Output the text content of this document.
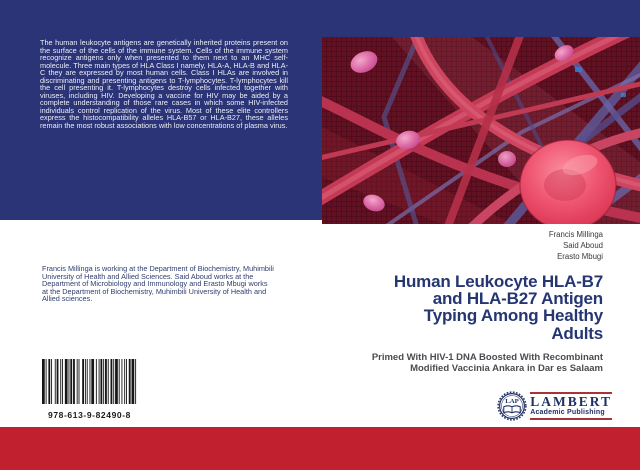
The human leukocyte antigens are genetically inherited proteins present on the surface of the cells of the immune system. Cells of the immune system recognize antigens only when presented to them next to an MHC self-molecule. Three main types of HLA Class I namely, HLA-A, HLA-B and HLA-C they are expressed by most human cells. Class I HLAs are involved in discriminating and presenting antigens to T-lymphocytes. T-lymphocytes kill the cell presenting it. T-lymphocytes destroy cells infected together with viruses, including HIV. Developing a vaccine for HIV may be aided by a complete understanding of those rare cases in which some HIV-infected individuals control replication of the virus. Most of these elite controllers express the histocompatibility alleles HLA-B57 or HLA-B27, these alleles remain the most robust associations with low concentrations of plasma virus.
Francis Millinga
Said Aboud
Erasto Mbugi
Francis Millinga is working at the Department of Biochemistry, Muhimbili University of Health and Allied Sciences. Said Aboud works at the Department of Microbiology and Immunology and Erasto Mbugi works at the Department of Biochemistry, Muhimbili University of Health and Allied sciences.
Human Leukocyte HLA-B7
and HLA-B27 Antigen
Typing Among Healthy
Adults
Primed With HIV-1 DNA Boosted With Recombinant
Modified Vaccinia Ankara in Dar es Salaam
978-613-9-82490-8
LAP LAMBERT
Academic Publishing
